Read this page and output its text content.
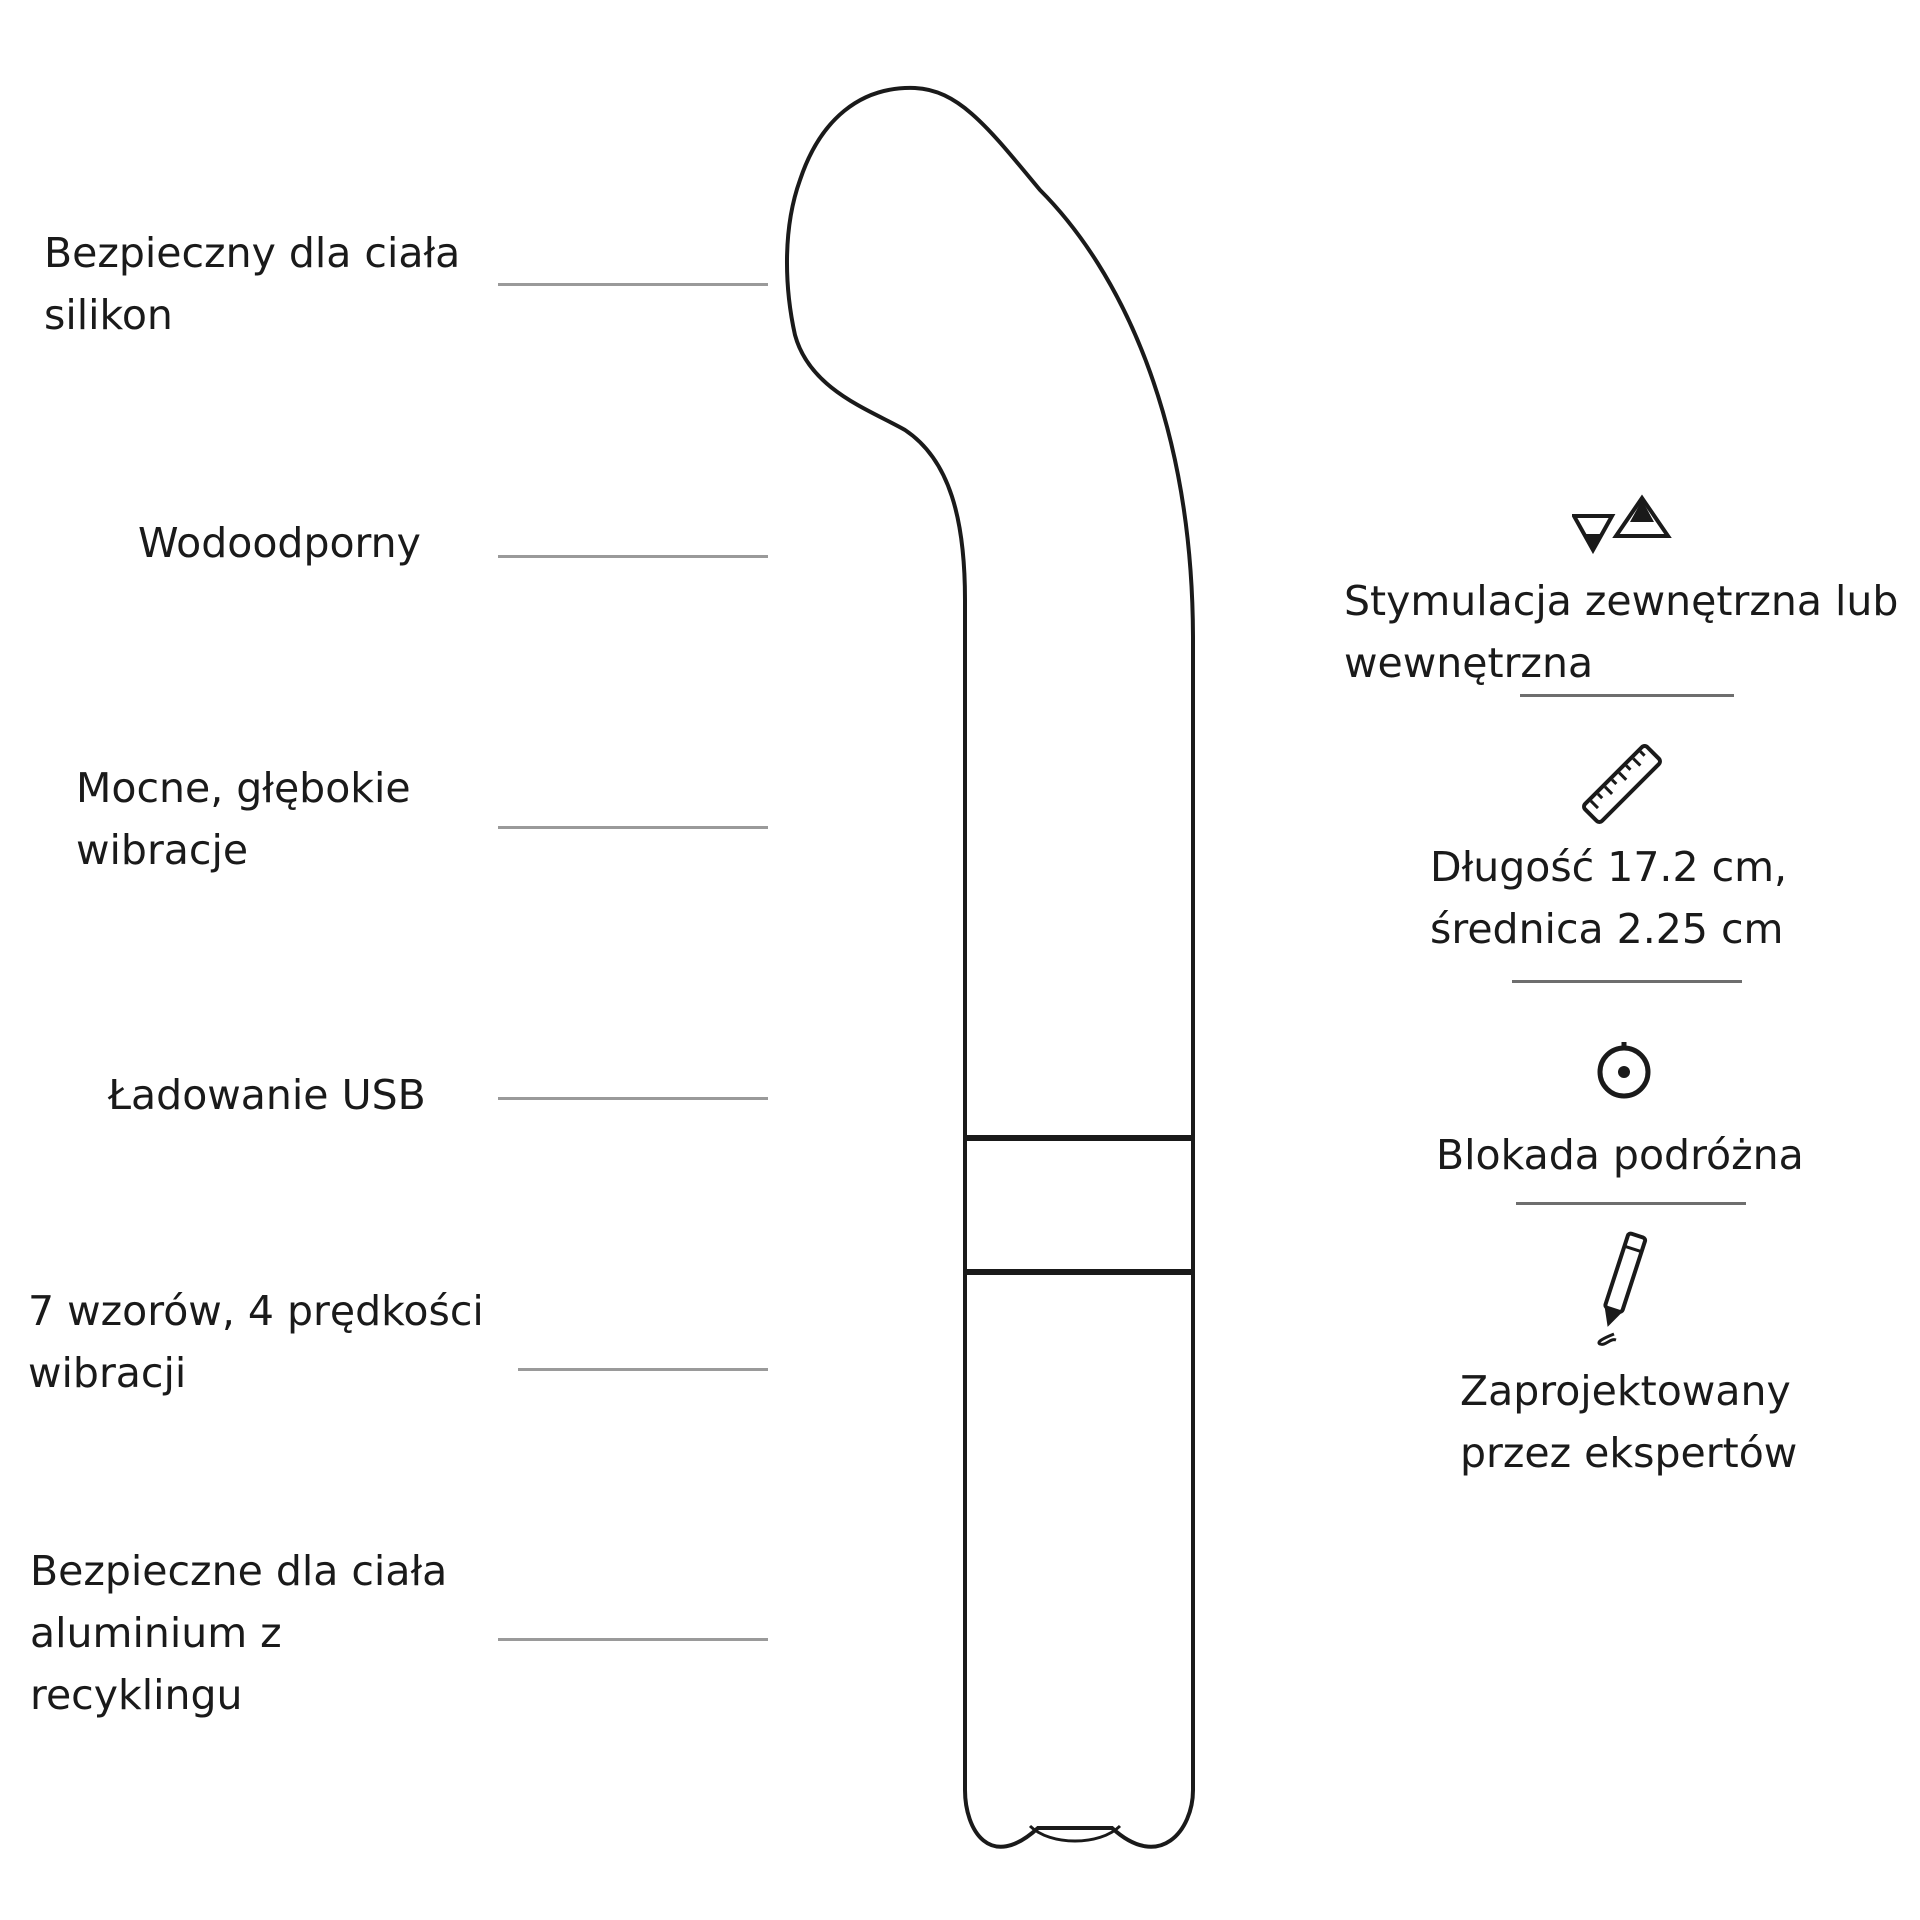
Bezpieczny dla ciała
silikon
Wodoodporny
Mocne, głębokie
wibracje
Ładowanie USB
7 wzorów, 4 prędkości
wibracji
Bezpieczne dla ciała
aluminium z
recyklingu
Stymulacja zewnętrzna lub
wewnętrzna
Długość 17.2 cm,
średnica 2.25 cm
Blokada podróżna
Zaprojektowany
przez ekspertów
